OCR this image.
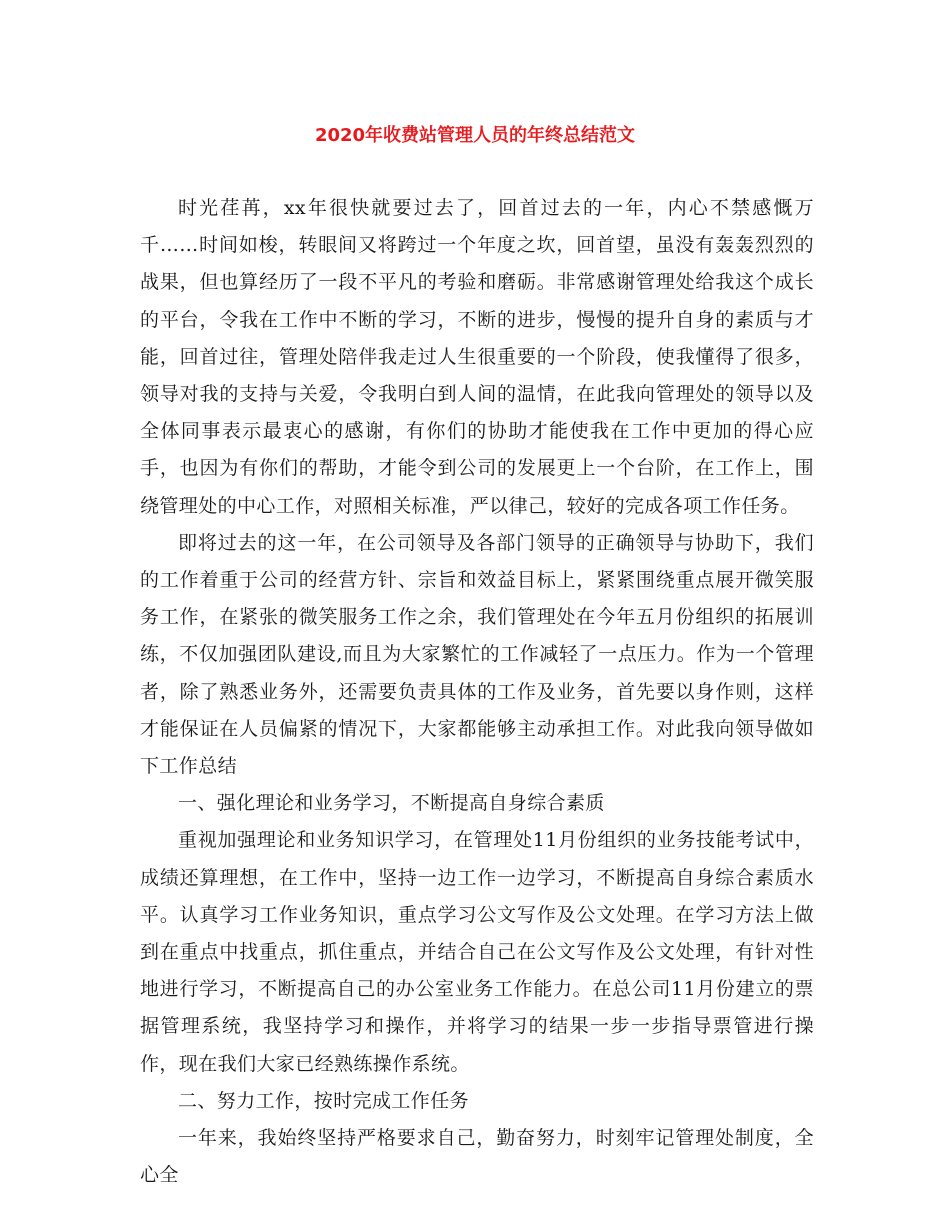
2020年收费站管理人员的年终总结范文

时光荏苒，xx年很快就要过去了，回首过去的一年，内心不禁感慨万千……时间如梭，转眼间又将跨过一个年度之坎，回首望，虽没有轰轰烈烈的战果，但也算经历了一段不平凡的考验和磨砺。非常感谢管理处给我这个成长的平台，令我在工作中不断的学习，不断的进步，慢慢的提升自身的素质与才能，回首过往，管理处陪伴我走过人生很重要的一个阶段，使我懂得了很多，领导对我的支持与关爱，令我明白到人间的温情，在此我向管理处的领导以及全体同事表示最衷心的感谢，有你们的协助才能使我在工作中更加的得心应手，也因为有你们的帮助，才能令到公司的发展更上一个台阶，在工作上，围绕管理处的中心工作，对照相关标准，严以律己，较好的完成各项工作任务。

即将过去的这一年，在公司领导及各部门领导的正确领导与协助下，我们的工作着重于公司的经营方针、宗旨和效益目标上，紧紧围绕重点展开微笑服务工作，在紧张的微笑服务工作之余，我们管理处在今年五月份组织的拓展训练，不仅加强团队建设,而且为大家繁忙的工作减轻了一点压力。作为一个管理者，除了熟悉业务外，还需要负责具体的工作及业务，首先要以身作则，这样才能保证在人员偏紧的情况下，大家都能够主动承担工作。对此我向领导做如下工作总结

一、强化理论和业务学习，不断提高自身综合素质

重视加强理论和业务知识学习，在管理处11月份组织的业务技能考试中，成绩还算理想，在工作中，坚持一边工作一边学习，不断提高自身综合素质水平。认真学习工作业务知识，重点学习公文写作及公文处理。在学习方法上做到在重点中找重点，抓住重点，并结合自己在公文写作及公文处理，有针对性地进行学习，不断提高自己的办公室业务工作能力。在总公司11月份建立的票据管理系统，我坚持学习和操作，并将学习的结果一步一步指导票管进行操作，现在我们大家已经熟练操作系统。

二、努力工作，按时完成工作任务

一年来，我始终坚持严格要求自己，勤奋努力，时刻牢记管理处制度，全心全
